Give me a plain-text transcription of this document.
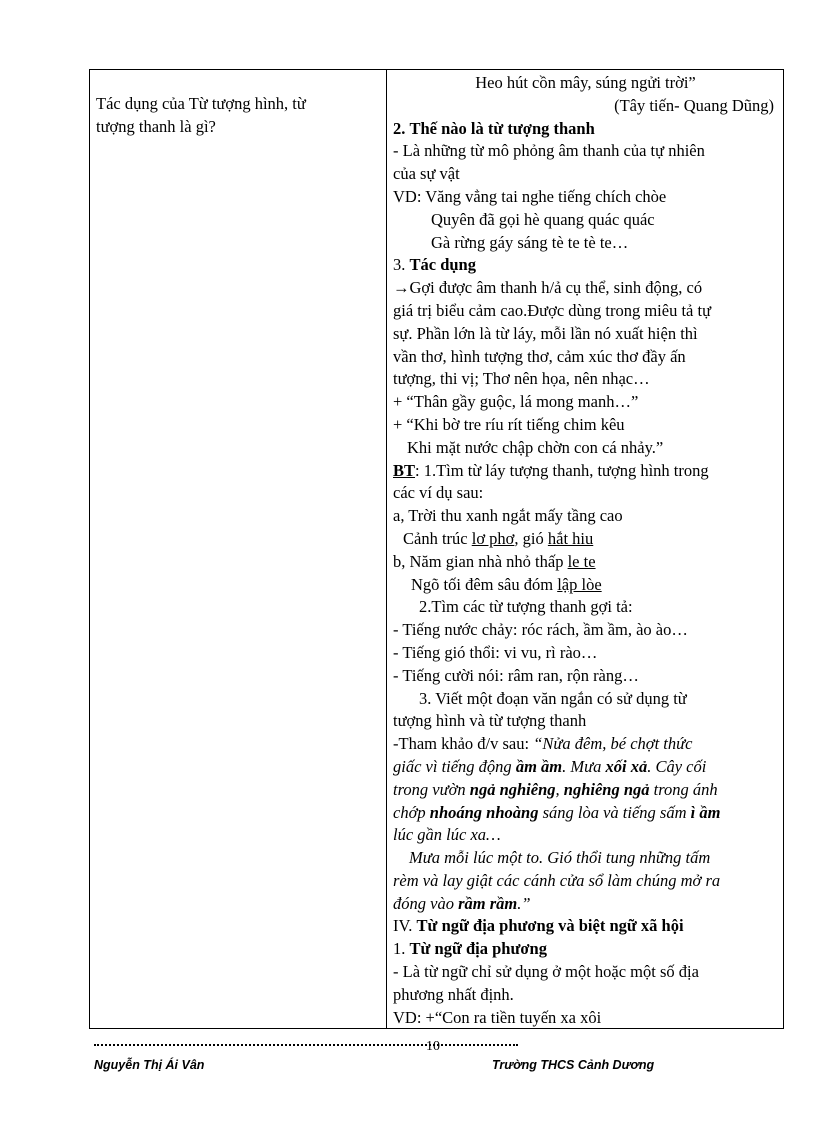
Tác dụng của Từ tượng hình, từ
tượng thanh là gì?
Heo hút cồn mây, súng ngửi trời”
(Tây tiến- Quang Dũng)
2. Thế nào là từ tượng thanh
- Là những từ mô phỏng âm thanh của tự nhiên
của sự vật
VD: Văng vẳng tai nghe tiếng chích chòe
Quyên đã gọi hè quang quác quác
Gà rừng gáy sáng tè te tè te…
3. Tác dụng
→Gợi được âm thanh h/ả cụ thể, sinh động, có
giá trị biểu cảm cao.Được dùng trong miêu tả tự
sự. Phần lớn là từ láy, mỗi lần nó xuất hiện thì
vần thơ, hình tượng thơ, cảm xúc thơ đầy ấn
tượng, thi vị; Thơ nên họa, nên nhạc…
+ “Thân gầy guộc, lá mong manh…”
+ “Khi bờ tre ríu rít tiếng chim kêu
Khi mặt nước chập chờn con cá nhảy.”
BT: 1.Tìm từ láy tượng thanh, tượng hình trong
các ví dụ sau:
a, Trời thu xanh ngắt mấy tầng cao
Cảnh trúc lơ phơ, gió hắt hiu
b, Năm gian nhà nhỏ thấp le te
Ngõ tối đêm sâu đóm lập lòe
2.Tìm các từ tượng thanh gợi tả:
- Tiếng nước chảy: róc rách, ầm ầm, ào ào…
- Tiếng gió thổi: vi vu, rì rào…
- Tiếng cười nói: râm ran, rộn ràng…
3. Viết một đoạn văn ngắn có sử dụng từ
tượng hình và từ tượng thanh
-Tham khảo đ/v sau: “Nửa đêm, bé chợt thức
giấc vì tiếng động ầm ầm. Mưa xối xả. Cây cối
trong vườn ngả nghiêng, nghiêng ngả trong ánh
chớp nhoáng nhoàng sáng lòa và tiếng sấm ì ầm
lúc gần lúc xa…
Mưa mỗi lúc một to. Gió thổi tung những tấm
rèm và lay giật các cánh cửa sổ làm chúng mở ra
đóng vào rầm rầm.”
IV. Từ ngữ địa phương và biệt ngữ xã hội
1. Từ ngữ địa phương
- Là từ ngữ chỉ sử dụng ở một hoặc một số địa
phương nhất định.
VD: +“Con ra tiền tuyến xa xôi
10
Nguyễn Thị Ái Vân	Trường THCS Cảnh Dương
